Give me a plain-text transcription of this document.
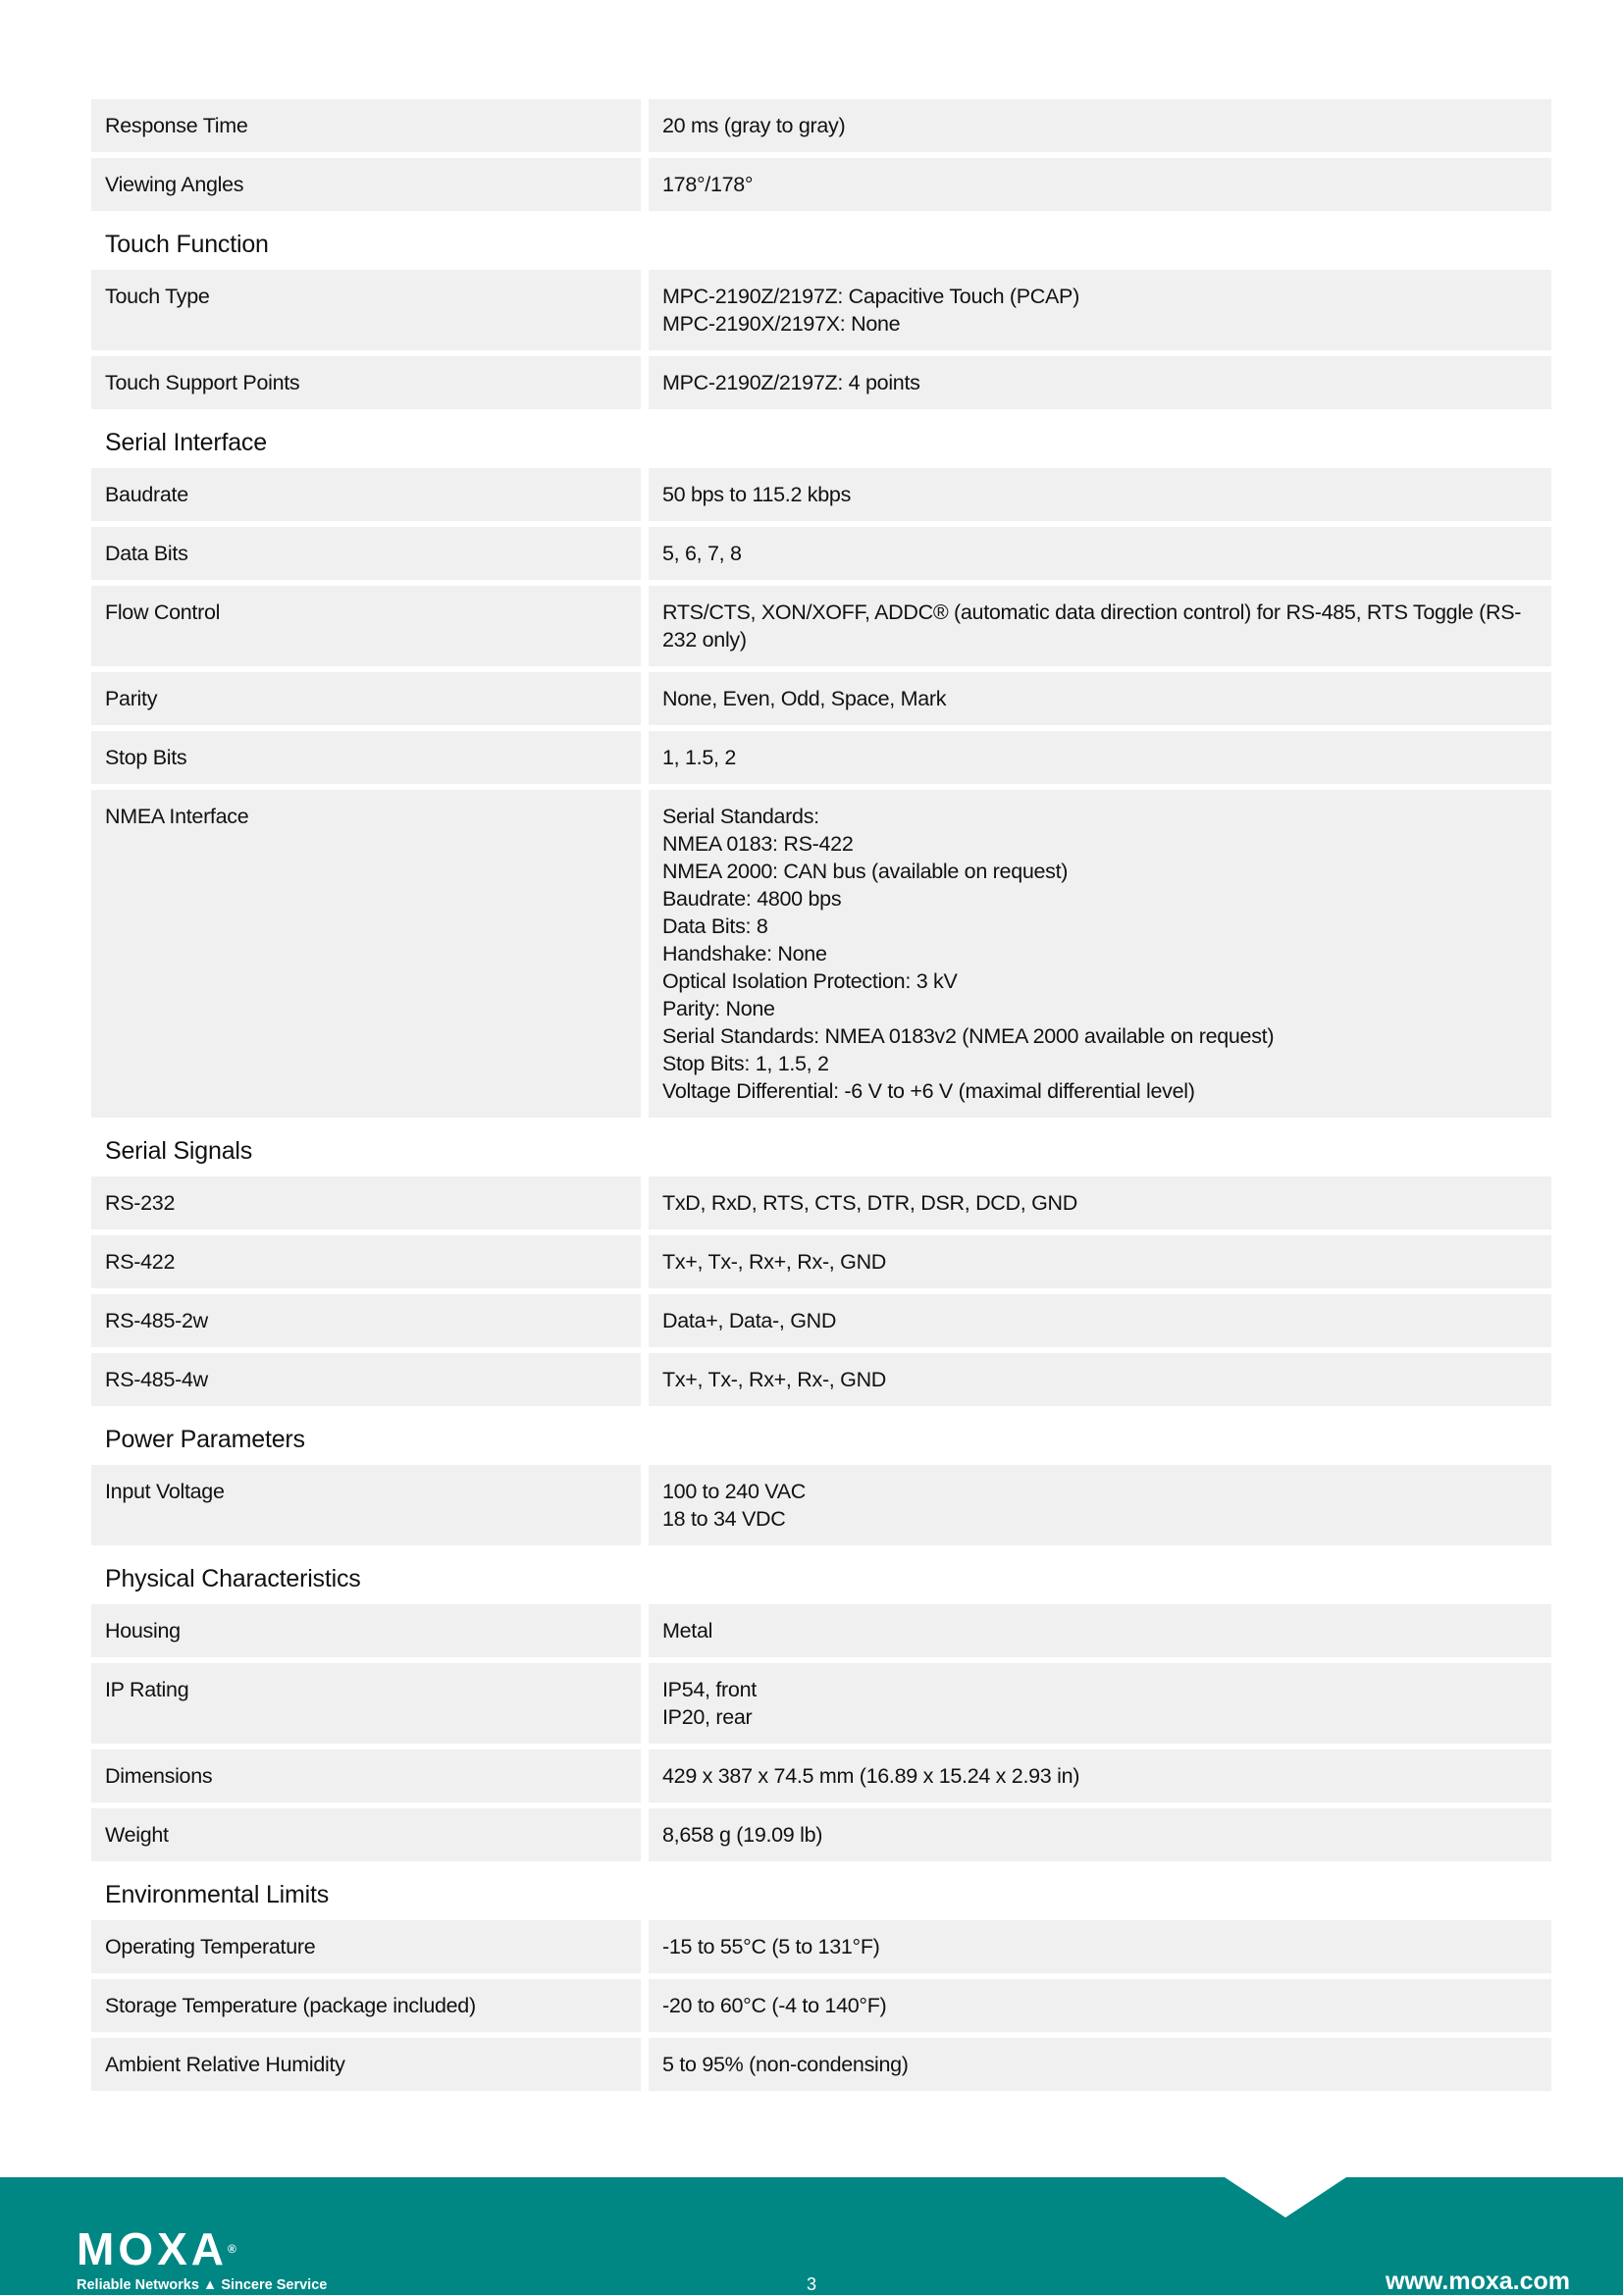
Response Time	20 ms (gray to gray)
Viewing Angles	178°/178°
Touch Function
Touch Type	MPC-2190Z/2197Z: Capacitive Touch (PCAP)
MPC-2190X/2197X: None
Touch Support Points	MPC-2190Z/2197Z: 4 points
Serial Interface
Baudrate	50 bps to 115.2 kbps
Data Bits	5, 6, 7, 8
Flow Control	RTS/CTS, XON/XOFF, ADDC® (automatic data direction control) for RS-485, RTS Toggle (RS-232 only)
Parity	None, Even, Odd, Space, Mark
Stop Bits	1, 1.5, 2
NMEA Interface	Serial Standards:
NMEA 0183: RS-422
NMEA 2000: CAN bus (available on request)
Baudrate: 4800 bps
Data Bits: 8
Handshake: None
Optical Isolation Protection: 3 kV
Parity: None
Serial Standards: NMEA 0183v2 (NMEA 2000 available on request)
Stop Bits: 1, 1.5, 2
Voltage Differential: -6 V to +6 V (maximal differential level)
Serial Signals
RS-232	TxD, RxD, RTS, CTS, DTR, DSR, DCD, GND
RS-422	Tx+, Tx-, Rx+, Rx-, GND
RS-485-2w	Data+, Data-, GND
RS-485-4w	Tx+, Tx-, Rx+, Rx-, GND
Power Parameters
Input Voltage	100 to 240 VAC
18 to 34 VDC
Physical Characteristics
Housing	Metal
IP Rating	IP54, front
IP20, rear
Dimensions	429 x 387 x 74.5 mm (16.89 x 15.24 x 2.93 in)
Weight	8,658 g (19.09 lb)
Environmental Limits
Operating Temperature	-15 to 55°C (5 to 131°F)
Storage Temperature (package included)	-20 to 60°C (-4 to 140°F)
Ambient Relative Humidity	5 to 95% (non-condensing)
MOXA®
Reliable Networks ▲ Sincere Service	3	www.moxa.com
